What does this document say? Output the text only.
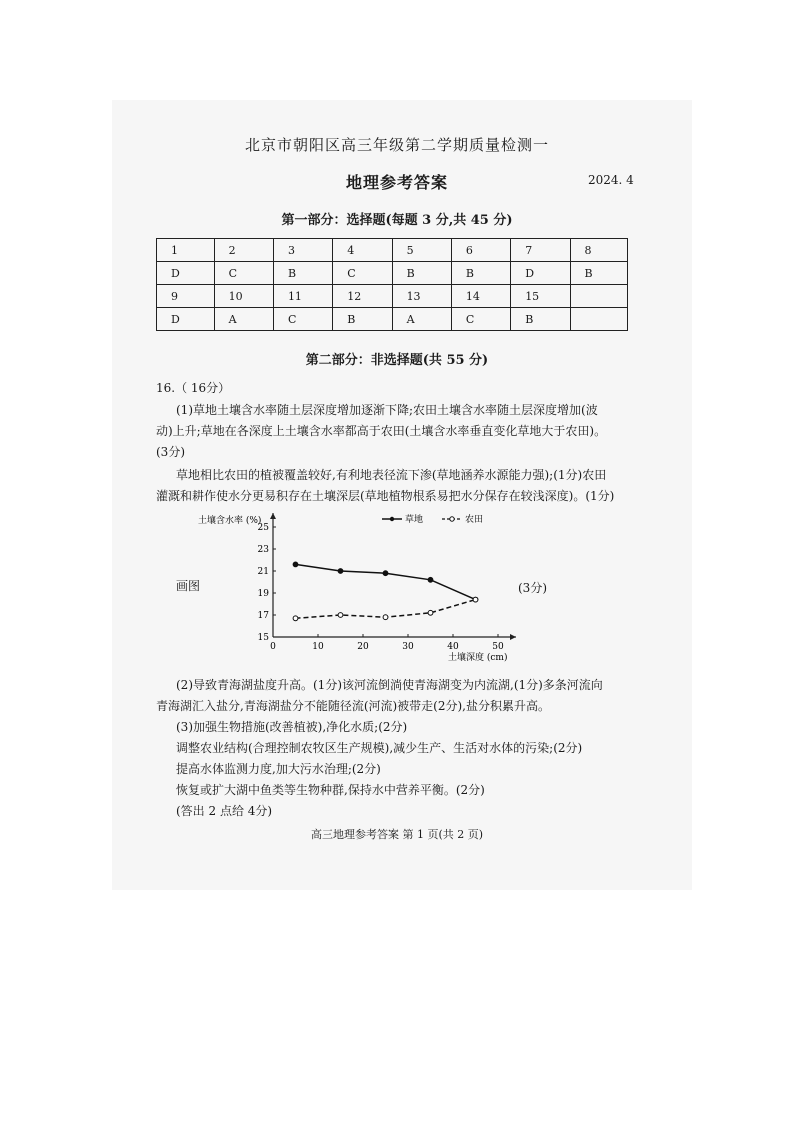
北京市朝阳区高三年级第二学期质量检测一
地理参考答案	2024. 4
第一部分：选择题(每题 3 分,共 45 分)
1	2	3	4	5	6	7	8
D	C	B	C	B	B	D	B
9	10	11	12	13	14	15	
D	A	C	B	A	C	B	
第二部分：非选择题(共 55 分)
16.（ 16分）
(1)草地土壤含水率随土层深度增加逐渐下降;农田土壤含水率随土层深度增加(波
动)上升;草地在各深度上土壤含水率都高于农田(土壤含水率垂直变化草地大于农田)。
(3分)
草地相比农田的植被覆盖较好,有利地表径流下渗(草地涵养水源能力强);(1分)农田
灌溉和耕作使水分更易积存在土壤深层(草地植物根系易把水分保存在较浅深度)。(1分)
画图	(3分)
0	10	20	30	40	50
15
17
19
21
23
25
土壤含水率 (%)
土壤深度 (cm)
草地	农田
(2)导致青海湖盐度升高。(1分)该河流倒淌使青海湖变为内流湖,(1分)多条河流向
青海湖汇入盐分,青海湖盐分不能随径流(河流)被带走(2分),盐分积累升高。
(3)加强生物措施(改善植被),净化水质;(2分)
调整农业结构(合理控制农牧区生产规模),减少生产、生活对水体的污染;(2分)
提高水体监测力度,加大污水治理;(2分)
恢复或扩大湖中鱼类等生物种群,保持水中营养平衡。(2分)
(答出 2 点给 4分)
高三地理参考答案 第 1 页(共 2 页)
